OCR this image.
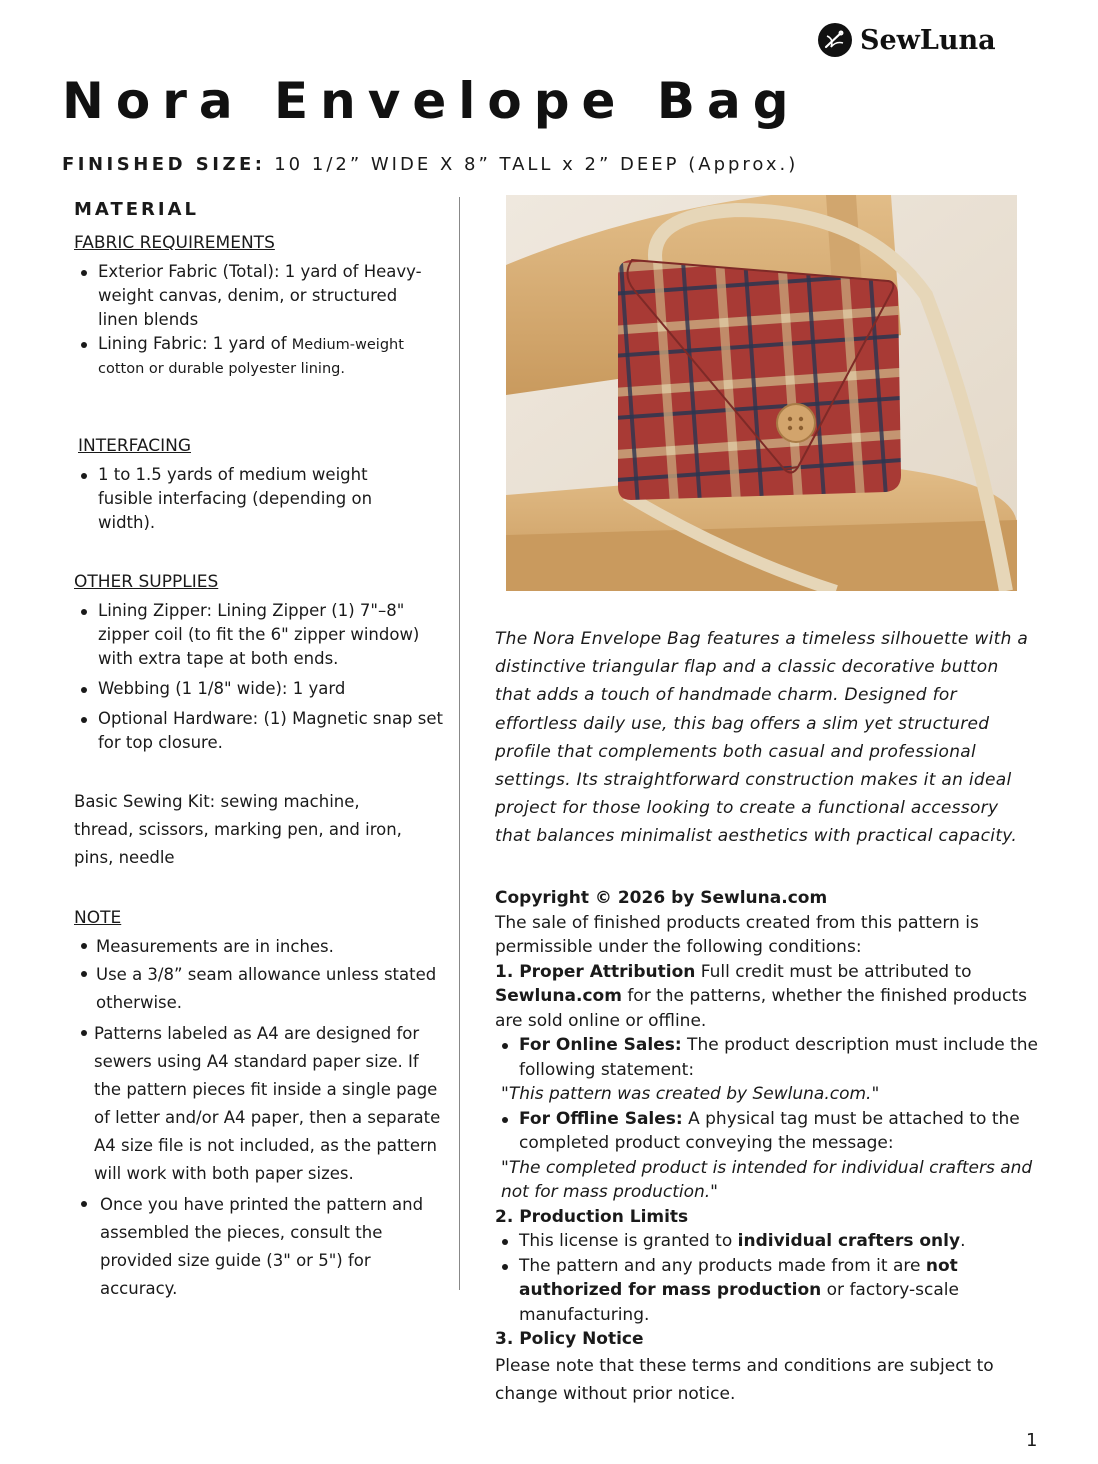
SewLuna
Nora Envelope Bag
FINISHED SIZE: 10 1/2” WIDE X 8” TALL x 2” DEEP (Approx.)
MATERIAL
FABRIC REQUIREMENTS
Exterior Fabric (Total): 1 yard of Heavy-weight canvas, denim, or structured linen blends
Lining Fabric: 1 yard of Medium-weight cotton or durable polyester lining.
INTERFACING
1 to 1.5 yards of medium weight fusible interfacing (depending on width).
OTHER SUPPLIES
Lining Zipper: Lining Zipper (1) 7"–8" zipper coil (to fit the 6" zipper window) with extra tape at both ends.
Webbing (1 1/8" wide): 1 yard
Optional Hardware: (1) Magnetic snap set for top closure.
Basic Sewing Kit: sewing machine, thread, scissors, marking pen, and iron, pins, needle
NOTE
Measurements are in inches.
Use a 3/8” seam allowance unless stated otherwise.
Patterns labeled as A4 are designed for sewers using A4 standard paper size. If the pattern pieces fit inside a single page of letter and/or A4 paper, then a separate A4 size file is not included, as the pattern will work with both paper sizes.
Once you have printed the pattern and assembled the pieces, consult the provided size guide (3" or 5") for accuracy.
The Nora Envelope Bag features a timeless silhouette with a distinctive triangular flap and a classic decorative button that adds a touch of handmade charm. Designed for effortless daily use, this bag offers a slim yet structured profile that complements both casual and professional settings. Its straightforward construction makes it an ideal project for those looking to create a functional accessory that balances minimalist aesthetics with practical capacity.
Copyright © 2026 by Sewluna.com
The sale of finished products created from this pattern is permissible under the following conditions:
1. Proper Attribution Full credit must be attributed to Sewluna.com for the patterns, whether the finished products are sold online or offline.
For Online Sales: The product description must include the following statement:
"This pattern was created by Sewluna.com."
For Offline Sales: A physical tag must be attached to the completed product conveying the message:
"The completed product is intended for individual crafters and not for mass production."
2. Production Limits
This license is granted to individual crafters only.
The pattern and any products made from it are not authorized for mass production or factory-scale manufacturing.
3. Policy Notice
Please note that these terms and conditions are subject to change without prior notice.
1
